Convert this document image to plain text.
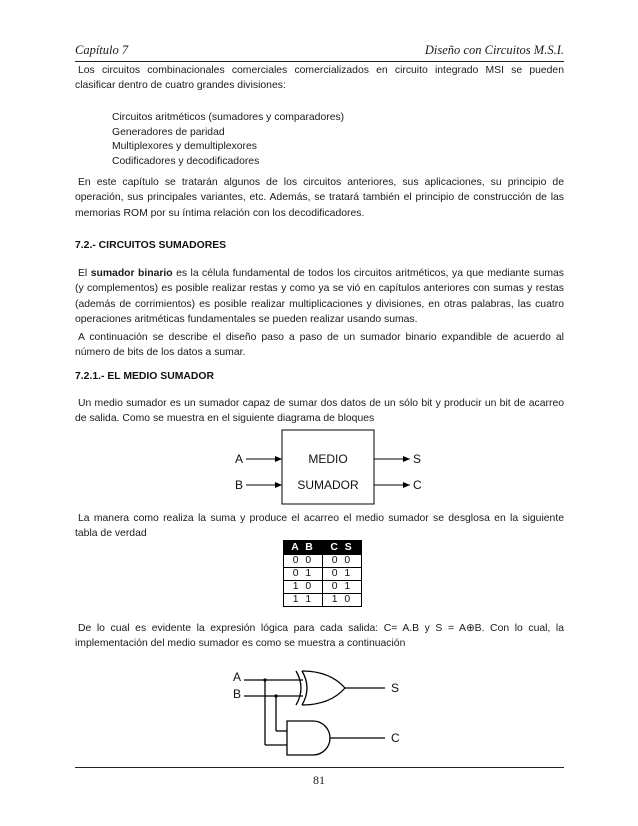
Capítulo 7	Diseño con Circuitos M.S.I.

Los circuitos combinacionales comerciales comercializados en circuito integrado MSI se pueden clasificar dentro de cuatro grandes divisiones:

Circuitos aritméticos (sumadores y comparadores)
Generadores de paridad
Multiplexores y demultiplexores
Codificadores y decodificadores

En este capítulo se tratarán algunos de los circuitos anteriores, sus aplicaciones, su principio de operación, sus principales variantes, etc. Además, se tratará también el principio de construcción de las memorias ROM por su íntima relación con los decodificadores.

7.2.- CIRCUITOS SUMADORES

El sumador binario es la célula fundamental de todos los circuitos aritméticos, ya que mediante sumas (y complementos) es posible realizar restas y como ya se vió en capítulos anteriores con sumas y restas (además de corrimientos) es posible realizar multiplicaciones y divisiones, en otras palabras, las cuatro operaciones aritméticas fundamentales se pueden realizar usando sumas.

A continuación se describe el diseño paso a paso de un sumador binario expandible de acuerdo al número de bits de los datos a sumar.

7.2.1.- EL MEDIO SUMADOR

Un medio sumador es un sumador capaz de sumar dos datos de un sólo bit y producir un bit de acarreo de salida. Como se muestra en el siguiente diagrama de bloques

A
B
MEDIO
SUMADOR
S
C

La manera como realiza la suma y produce el acarreo el medio sumador se desglosa en la siguiente tabla de verdad

A B	C S
0 0	0 0
0 1	0 1
1 0	0 1
1 1	1 0

De lo cual es evidente la expresión lógica para cada salida: C= A.B y S = A⊕B. Con lo cual, la implementación del medio sumador es como se muestra a continuación

A
B	S
C
81
